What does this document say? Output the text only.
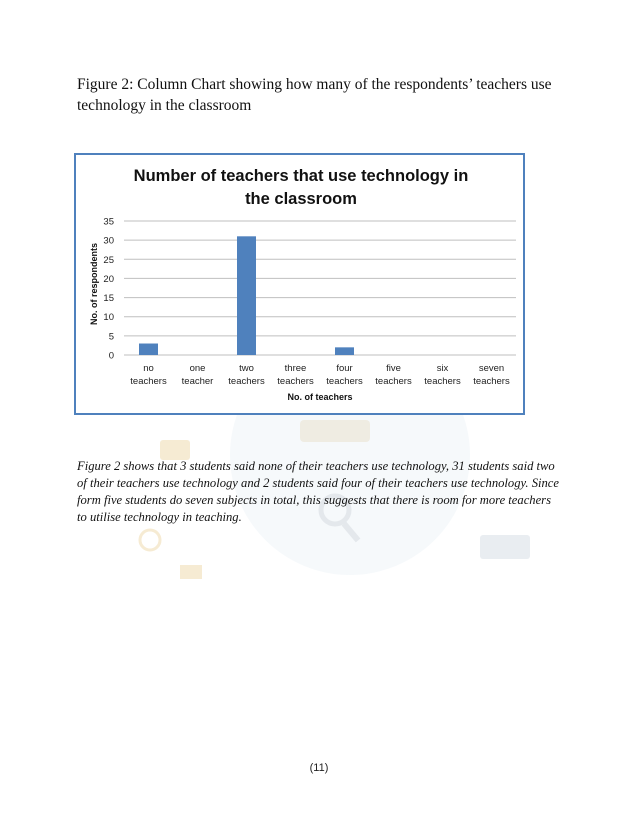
Figure 2: Column Chart showing how many of the respondents’ teachers use
technology in the classroom
Number of teachers that use technology in
the classroom
0
5
10
15
20
25
30
35
no
teachers
one
teacher
two
teachers
three
teachers
four
teachers
five
teachers
six
teachers
seven
teachers
No. of teachers
No. of respondents
Figure 2 shows that 3 students said none of their teachers use technology, 31 students said two of their teachers use technology and 2 students said four of their teachers use technology. Since form five students do seven subjects in total, this suggests that there is room for more teachers to utilise technology in teaching.
(11)
